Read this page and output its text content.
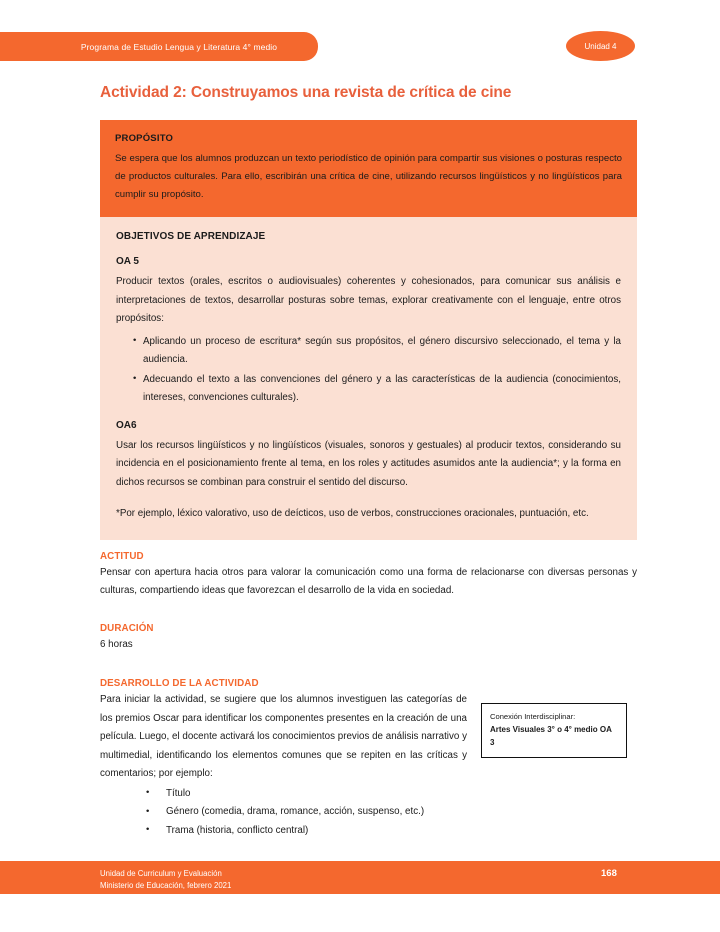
Programa de Estudio Lengua y Literatura 4° medio	Unidad 4
Actividad 2: Construyamos una revista de crítica de cine

PROPÓSITO

Se espera que los alumnos produzcan un texto periodístico de opinión para compartir sus visiones o posturas respecto de productos culturales. Para ello, escribirán una crítica de cine, utilizando recursos lingüísticos y no lingüísticos para cumplir su propósito.

OBJETIVOS DE APRENDIZAJE

OA 5

Producir textos (orales, escritos o audiovisuales) coherentes y cohesionados, para comunicar sus análisis e interpretaciones de textos, desarrollar posturas sobre temas, explorar creativamente con el lenguaje, entre otros propósitos:

• Aplicando un proceso de escritura* según sus propósitos, el género discursivo seleccionado, el tema y la audiencia.
• Adecuando el texto a las convenciones del género y a las características de la audiencia (conocimientos, intereses, convenciones culturales).

OA6

Usar los recursos lingüísticos y no lingüísticos (visuales, sonoros y gestuales) al producir textos, considerando su incidencia en el posicionamiento frente al tema, en los roles y actitudes asumidos ante la audiencia*; y la forma en dichos recursos se combinan para construir el sentido del discurso.

*Por ejemplo, léxico valorativo, uso de deícticos, uso de verbos, construcciones oracionales, puntuación, etc.

ACTITUD

Pensar con apertura hacia otros para valorar la comunicación como una forma de relacionarse con diversas personas y culturas, compartiendo ideas que favorezcan el desarrollo de la vida en sociedad.

DURACIÓN

6 horas

DESARROLLO DE LA ACTIVIDAD

Conexión Interdisciplinar:

Artes Visuales 3° o 4° medio OA 3

Para iniciar la actividad, se sugiere que los alumnos investiguen las categorías de los premios Oscar para identificar los componentes presentes en la creación de una película. Luego, el docente activará los conocimientos previos de análisis narrativo y multimedial, identificando los elementos comunes que se repiten en las críticas y comentarios; por ejemplo:

• Título
• Género (comedia, drama, romance, acción, suspenso, etc.)
• Trama (historia, conflicto central)
Unidad de Curriculum y Evaluación
Ministerio de Educación, febrero 2021
168
